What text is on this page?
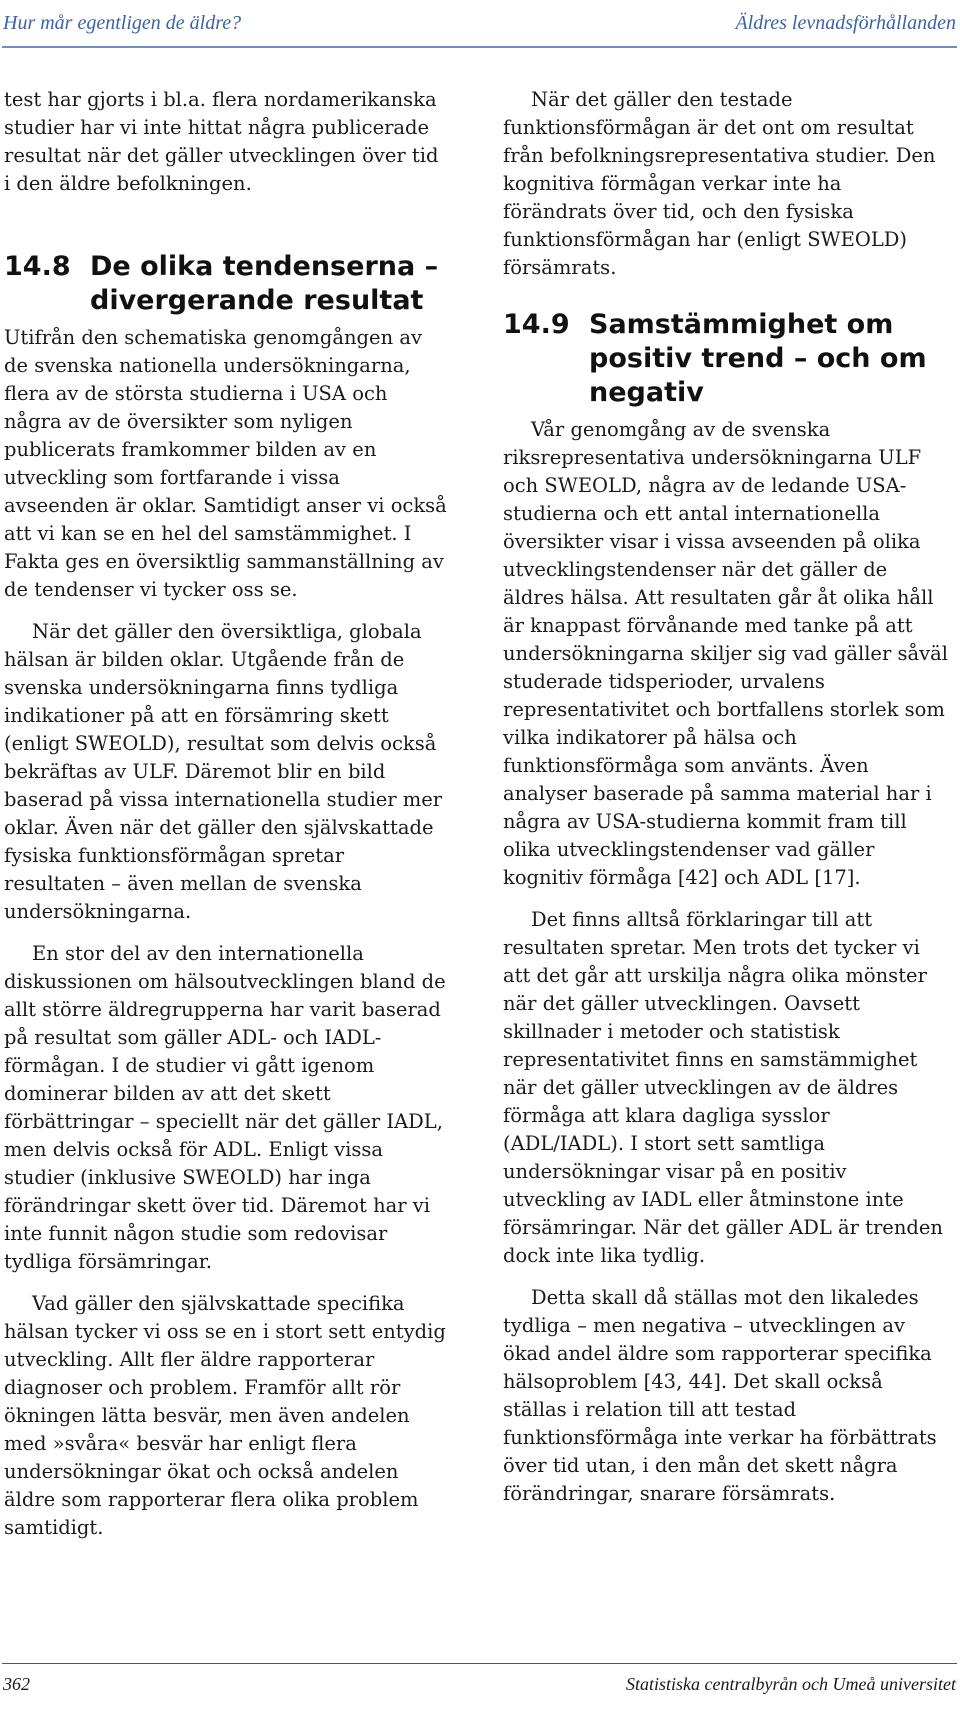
Hur mår egentligen de äldre?	Äldres levnadsförhållanden

test har gjorts i bl.a. flera nordamerikanska studier har vi inte hittat några publicerade resultat när det gäller utvecklingen över tid i den äldre befolkningen.

14.8 De olika tendenserna – divergerande resultat

Utifrån den schematiska genomgången av de svenska nationella undersökningarna, flera av de största studierna i USA och några av de översikter som nyligen publicerats framkommer bilden av en utveckling som fortfarande i vissa avseenden är oklar. Samtidigt anser vi också att vi kan se en hel del samstämmighet. I Fakta ges en översiktlig sammanställning av de tendenser vi tycker oss se.

När det gäller den översiktliga, globala hälsan är bilden oklar. Utgående från de svenska undersökningarna finns tydliga indikationer på att en försämring skett (enligt SWEOLD), resultat som delvis också bekräftas av ULF. Däremot blir en bild baserad på vissa internationella studier mer oklar. Även när det gäller den självskattade fysiska funktionsförmågan spretar resultaten – även mellan de svenska undersökningarna.

En stor del av den internationella diskussionen om hälsoutvecklingen bland de allt större äldregrupperna har varit baserad på resultat som gäller ADL- och IADL-förmågan. I de studier vi gått igenom dominerar bilden av att det skett förbättringar – speciellt när det gäller IADL, men delvis också för ADL. Enligt vissa studier (inklusive SWEOLD) har inga förändringar skett över tid. Däremot har vi inte funnit någon studie som redovisar tydliga försämringar.

Vad gäller den självskattade specifika hälsan tycker vi oss se en i stort sett entydig utveckling. Allt fler äldre rapporterar diagnoser och problem. Framför allt rör ökningen lätta besvär, men även andelen med »svåra« besvär har enligt flera undersökningar ökat och också andelen äldre som rapporterar flera olika problem samtidigt.

När det gäller den testade funktionsförmågan är det ont om resultat från befolkningsrepresentativa studier. Den kognitiva förmågan verkar inte ha förändrats över tid, och den fysiska funktionsförmågan har (enligt SWEOLD) försämrats.

14.9 Samstämmighet om positiv trend – och om negativ

Vår genomgång av de svenska riksrepresentativa undersökningarna ULF och SWEOLD, några av de ledande USA-studierna och ett antal internationella översikter visar i vissa avseenden på olika utvecklingstendenser när det gäller de äldres hälsa. Att resultaten går åt olika håll är knappast förvånande med tanke på att undersökningarna skiljer sig vad gäller såväl studerade tidsperioder, urvalens representativitet och bortfallens storlek som vilka indikatorer på hälsa och funktionsförmåga som använts. Även analyser baserade på samma material har i några av USA-studierna kommit fram till olika utvecklingstendenser vad gäller kognitiv förmåga [42] och ADL [17].

Det finns alltså förklaringar till att resultaten spretar. Men trots det tycker vi att det går att urskilja några olika mönster när det gäller utvecklingen. Oavsett skillnader i metoder och statistisk representativitet finns en samstämmighet när det gäller utvecklingen av de äldres förmåga att klara dagliga sysslor (ADL/IADL). I stort sett samtliga undersökningar visar på en positiv utveckling av IADL eller åtminstone inte försämringar. När det gäller ADL är trenden dock inte lika tydlig.

Detta skall då ställas mot den likaledes tydliga – men negativa – utvecklingen av ökad andel äldre som rapporterar specifika hälsoproblem [43, 44]. Det skall också ställas i relation till att testad funktionsförmåga inte verkar ha förbättrats över tid utan, i den mån det skett några förändringar, snarare försämrats.

362	Statistiska centralbyrån och Umeå universitet
